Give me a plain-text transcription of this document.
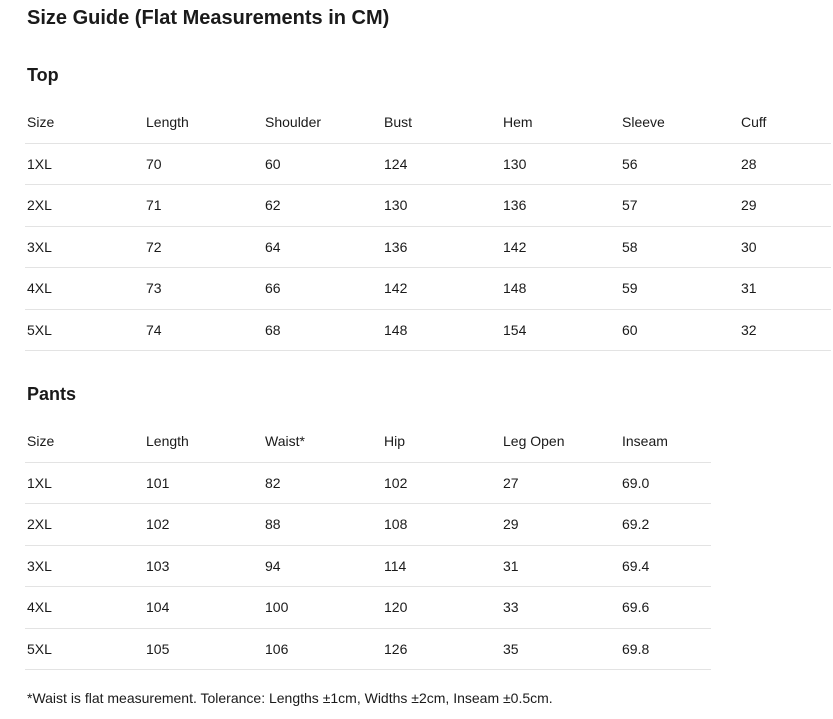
Size Guide (Flat Measurements in CM)
Top
Size	Length	Shoulder	Bust	Hem	Sleeve	Cuff
1XL	70	60	124	130	56	28
2XL	71	62	130	136	57	29
3XL	72	64	136	142	58	30
4XL	73	66	142	148	59	31
5XL	74	68	148	154	60	32
Pants
Size	Length	Waist*	Hip	Leg Open	Inseam
1XL	101	82	102	27	69.0
2XL	102	88	108	29	69.2
3XL	103	94	114	31	69.4
4XL	104	100	120	33	69.6
5XL	105	106	126	35	69.8
*Waist is flat measurement. Tolerance: Lengths ±1cm, Widths ±2cm, Inseam ±0.5cm.
